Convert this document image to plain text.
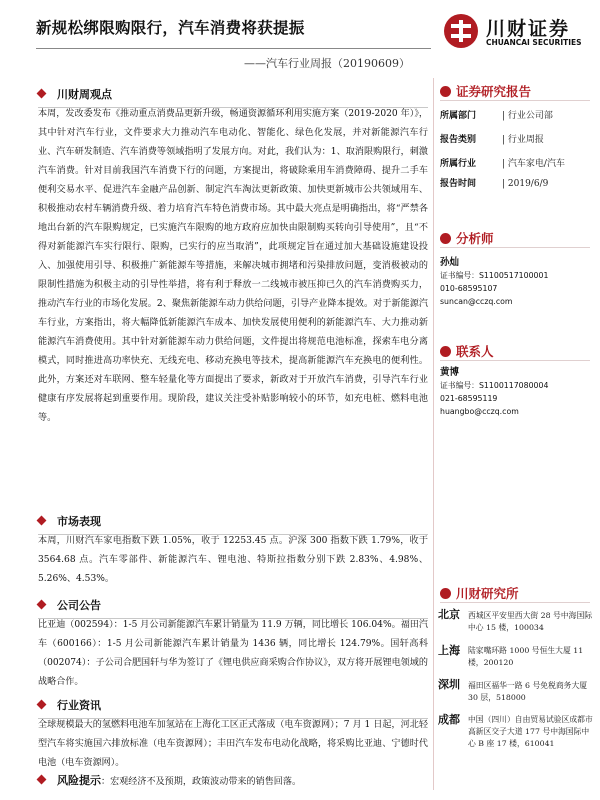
新规松绑限购限行，汽车消费将获提振
——汽车行业周报（20190609）
川财证券
CHUANCAI SECURITIES
川财周观点
本周，发改委发布《推动重点消费品更新升级，畅通资源循环利用实施方案（2019-2020 年）》，其中针对汽车行业，文件要求大力推动汽车电动化、智能化、绿色化发展，并对新能源汽车行业、汽车研发制造、汽车消费等领域指明了发展方向。对此，我们认为：1、取消限购限行，刺激汽车消费。针对目前我国汽车消费下行的问题，方案提出，将破除乘用车消费障碍、提升二手车便利交易水平、促进汽车金融产品创新、制定汽车淘汰更新政策、加快更新城市公共领域用车、积极推动农村车辆消费升级、着力培育汽车特色消费市场。其中最大亮点是明确指出，将“严禁各地出台新的汽车限购规定，已实施汽车限购的地方政府应加快由限制购买转向引导使用”，且“不得对新能源汽车实行限行、限购，已实行的应当取消”，此项规定旨在通过加大基础设施建设投入、加强使用引导、积极推广新能源车等措施，来解决城市拥堵和污染排放问题，变消极被动的限制性措施为积极主动的引导性举措，将有利于释放一二线城市被压抑已久的汽车消费购买力，推动汽车行业的市场化发展。2、聚焦新能源车动力供给问题，引导产业降本提效。对于新能源汽车行业，方案指出，将大幅降低新能源汽车成本、加快发展使用便利的新能源汽车、大力推动新能源汽车消费使用。其中针对新能源车动力供给问题，文件提出将规范电池标准，探索车电分离模式，同时推进高功率快充、无线充电、移动充换电等技术，提高新能源汽车充换电的便利性。此外，方案还对车联网、整车轻量化等方面提出了要求，新政对于开放汽车消费，引导汽车行业健康有序发展将起到重要作用。现阶段，建议关注受补贴影响较小的环节，如充电桩、燃料电池等。
市场表现
本周，川财汽车家电指数下跌 1.05%，收于 12253.45 点。沪深 300 指数下跌 1.79%，收于 3564.68 点。汽车零部件、新能源汽车、锂电池、特斯拉指数分别下跌 2.83%、4.98%、5.26%、4.53%。
公司公告
比亚迪（002594）：1-5 月公司新能源汽车累计销量为 11.9 万辆，同比增长 106.04%。福田汽车（600166）：1-5 月公司新能源汽车累计销量为 1436 辆，同比增长 124.79%。国轩高科（002074）：子公司合肥国轩与华为签订了《锂电供应商采购合作协议》，双方将开展锂电领域的战略合作。
行业资讯
全球规模最大的氢燃料电池车加氢站在上海化工区正式落成（电车资源网）；7 月 1 日起，河北轻型汽车将实施国六排放标准（电车资源网）；丰田汽车发布电动化战略，将采购比亚迪、宁德时代电池（电车资源网）。
风险提示：宏观经济不及预期，政策波动带来的销售回落。
证券研究报告
所属部门	| 行业公司部
报告类别	| 行业周报
所属行业	| 汽车家电/汽车
报告时间	| 2019/6/9
分析师
孙灿
证书编号：S1100517100001
010-68595107
suncan@cczq.com
联系人
黄博
证书编号：S1100117080004
021-68595119
huangbo@cczq.com
川财研究所
北京 西城区平安里西大街 28 号中海国际中心 15 楼，100034
上海 陆家嘴环路 1000 号恒生大厦 11 楼，200120
深圳 福田区福华一路 6 号免税商务大厦 30 层，518000
成都 中国（四川）自由贸易试验区成都市高新区交子大道 177 号中海国际中心 B 座 17 楼，610041
